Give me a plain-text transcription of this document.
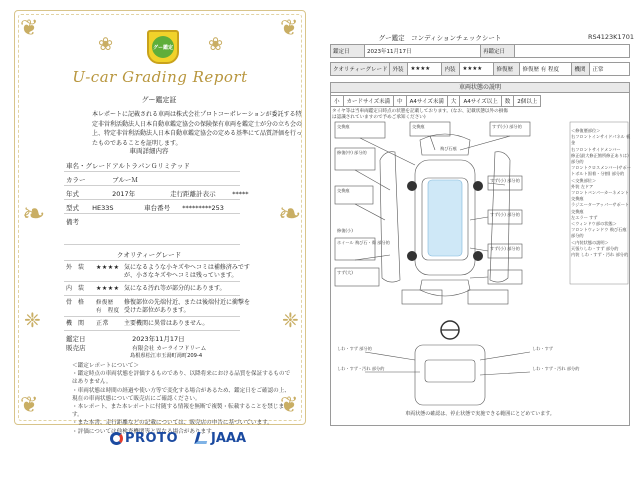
❦	❦
❦	❦
❧	❧
❈	❈
❀	❀
グー鑑定
U-car Grading Report
グー鑑定証
本レポートに記載される車両は株式会社プロトコーポレーションが委託する特定非営利活動法人日本自動車鑑定協会の保険保有車両を鑑定士が分の立ち会の上、特定非営利活動法人日本自動車鑑定協会の定める基準にて品質評価を行ったものであることを証明します。
車両詳細内容
車名・グレード アルトラパンＧリミテッド
カラー	ブルーＭ
年式	2017年	走行距離計表示	*****
型式 HE33S	車台番号 *********253
備考
クオリティーグレード
外　装 ★★★★ 気になるような小キズやヘコミは補修済みですが、小さなキズやヘコミは残っています。
内　装 ★★★★ 気になる汚れ等が部分的にあります。
骨　格 修復歴　有　程度
修復部位の先端付近、または後端付近に衝撃を受けた部位があります。
機　関 正常 主要機関に異常はありません。
鑑定日	2023年11月17日
販売店	有限会社 カーライフドリーム
島根県松江市玉湯町湯町209-4
＜鑑定レポートについて＞
・鑑定時点の車両状態を評価するものであり、以降将来における品質を保証するものではありません。
・車両状態は時間の経過や使い方等で変化する場合があるため、鑑定日をご確認の上、現在の車両状態について販売店にご確認ください。
・本レポート、また本レポートに付随する情報を無断で複製・転載することを禁じます。
・また本書、走行距離などの記載については、販売店の申告に基づいています。
・評価については他検査機関等と異なる場合があります。
PROTO	JAAA
グー鑑定　コンディションチェックシート	RS4123K1701
鑑定日	2023年11月17日	再鑑定日	
クオリティーグレード	外装	★★★★	内装	★★★★	修復歴	修復歴 有 程度	機関	正常
車両状態の説明
小	カードサイズ未満	中	A4サイズ未満	大	A4サイズ以上	数	2個以上
タイヤ等は当車両鑑定日時点の状態を記載しております。(なお、記載状態以外の損傷は認識されていますので予めご承知ください)
交換痕	交換痕	すず(小) 部分的
修復(中) 部分的
交換痕
飛び石痕
すず(小) 部分的
修復(小)
すず(小) 部分的
すず(小) 部分的
ホイール 飛び石・傷 部分的
すず(大)
しわ・すず 部分的
しわ・すず・汚れ 部分的
しわ・すず
しわ・すず・汚れ 部分的
＜修復歴部位＞
右フロントインサイドパネル 板金
右フロントサイドメンバー
修正(最大修正箇所修正ありは)
部分的
フロントクロスメンバー(サポートボルト固着・分割) 部分的
＜交換部位＞
外装 左ドア
フロントバンパーカーネメント 交換痕
ラジエーターアッパーサポート 交換痕
左エラー すず
＜ウィンドウ部の状態＞
フロントウィンドウ 飛び石痕 部分的
＜内装状態の説明＞
天張りしわ・すず 部分的
内装 しわ・すず・汚れ 部分的
車両状態の確認は、停止状態で実施できる範囲にとどめています。
